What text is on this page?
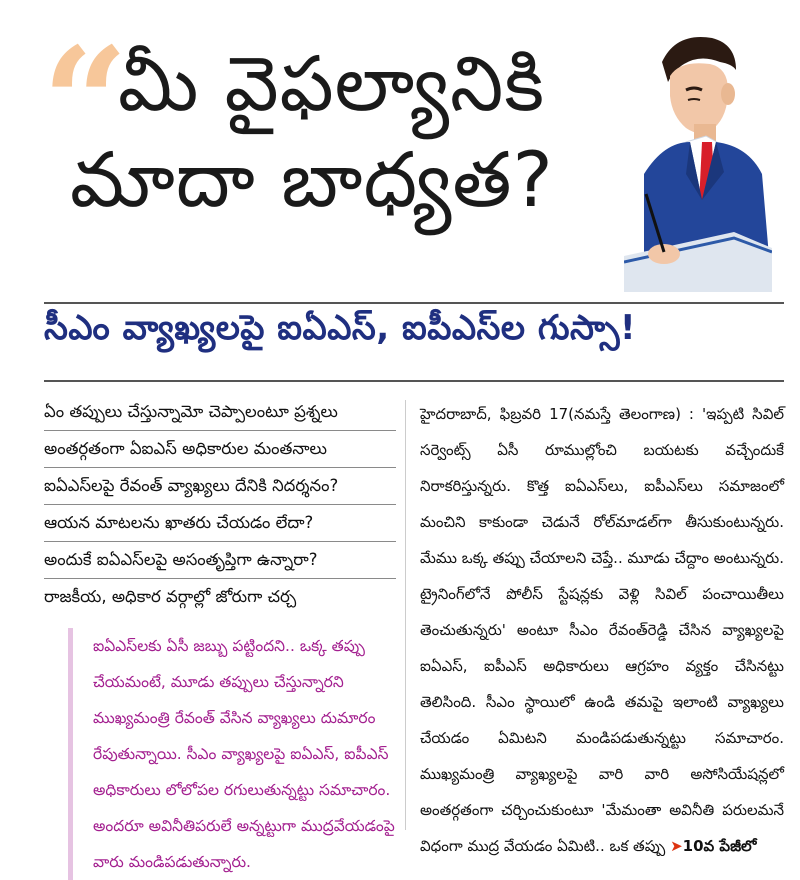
“
మీ వైఫల్యానికి
మాదా బాధ్యత?
సీఎం వ్యాఖ్యలపై ఐఏఎస్, ఐపీఎస్‌ల గుస్సా!
ఏం తప్పులు చేస్తున్నామో చెప్పాలంటూ ప్రశ్నలు
అంతర్గతంగా ఏఐఎస్ అధికారుల మంతనాలు
ఐఏఎస్‌లపై రేవంత్ వ్యాఖ్యలు దేనికి నిదర్శనం?
ఆయన మాటలను ఖాతరు చేయడం లేదా?
అందుకే ఐఏఎస్‌లపై అసంతృప్తిగా ఉన్నారా?
రాజకీయ, అధికార వర్గాల్లో జోరుగా చర్చ
ఐఏఎస్‌లకు ఏసీ జబ్బు పట్టిందని.. ఒక్క తప్పు చేయమంటే, మూడు తప్పులు చేస్తున్నారని ముఖ్యమంత్రి రేవంత్ వేసిన వ్యాఖ్యలు దుమారం రేపుతున్నాయి. సీఎం వ్యాఖ్యలపై ఐఏఎస్, ఐపీఎస్ అధికారులు లోలోపల రగులుతున్నట్టు సమాచారం. అందరూ అవినీతిపరులే అన్నట్టుగా ముద్రవేయడంపై వారు మండిపడుతున్నారు.
హైదరాబాద్, ఫిబ్రవరి 17(నమస్తే తెలంగాణ) : 'ఇప్పటి సివిల్ సర్వెంట్స్ ఏసీ రూముల్లోంచి బయటకు వచ్చేందుకే నిరాకరిస్తున్నరు. కొత్త ఐఏఎస్‌లు, ఐపీఎస్‌లు సమాజంలో మంచిని కాకుండా చెడునే రోల్‌మాడల్‌గా తీసుకుంటున్నరు. మేము ఒక్క తప్పు చేయాలని చెప్తే.. మూడు చేద్దాం అంటున్నరు. ట్రైనింగ్‌లోనే పోలీస్ స్టేషన్లకు వెళ్లి సివిల్ పంచాయితీలు తెంచుతున్నరు' అంటూ సీఎం రేవంత్‌రెడ్డి చేసిన వ్యాఖ్యలపై ఐఏఎస్, ఐపీఎస్ అధికారులు ఆగ్రహం వ్యక్తం చేసినట్టు తెలిసింది. సీఎం స్థాయిలో ఉండి తమపై ఇలాంటి వ్యాఖ్యలు చేయడం ఏమిటని మండిపడుతున్నట్టు సమాచారం. ముఖ్యమంత్రి వ్యాఖ్యలపై వారి వారి అసోసియేషన్లలో అంతర్గతంగా చర్చించుకుంటూ 'మేమంతా అవినీతి పరులమనే విధంగా ముద్ర వేయడం ఏమిటి.. ఒక తప్పు ➤10వ పేజీలో
